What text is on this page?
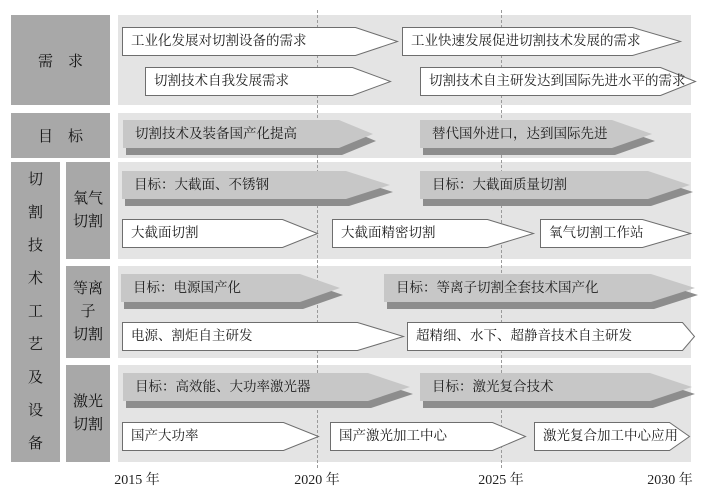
需　求
目　标
切割技术工艺及设备
氧气
切割
等离子
切割
激光
切割
工业化发展对切割设备的需求	工业快速发展促进切割技术发展的需求
切割技术自我发展需求	切割技术自主研发达到国际先进水平的需求
切割技术及装备国产化提高	替代国外进口，达到国际先进
目标：大截面、不锈钢	目标：大截面质量切割
大截面切割	大截面精密切割	氧气切割工作站
目标：电源国产化	目标：等离子切割全套技术国产化
电源、割炬自主研发	超精细、水下、超静音技术自主研发
目标：高效能、大功率激光器	目标：激光复合技术
国产大功率	国产激光加工中心	激光复合加工中心应用
2015 年	2020 年	2025 年	2030 年
